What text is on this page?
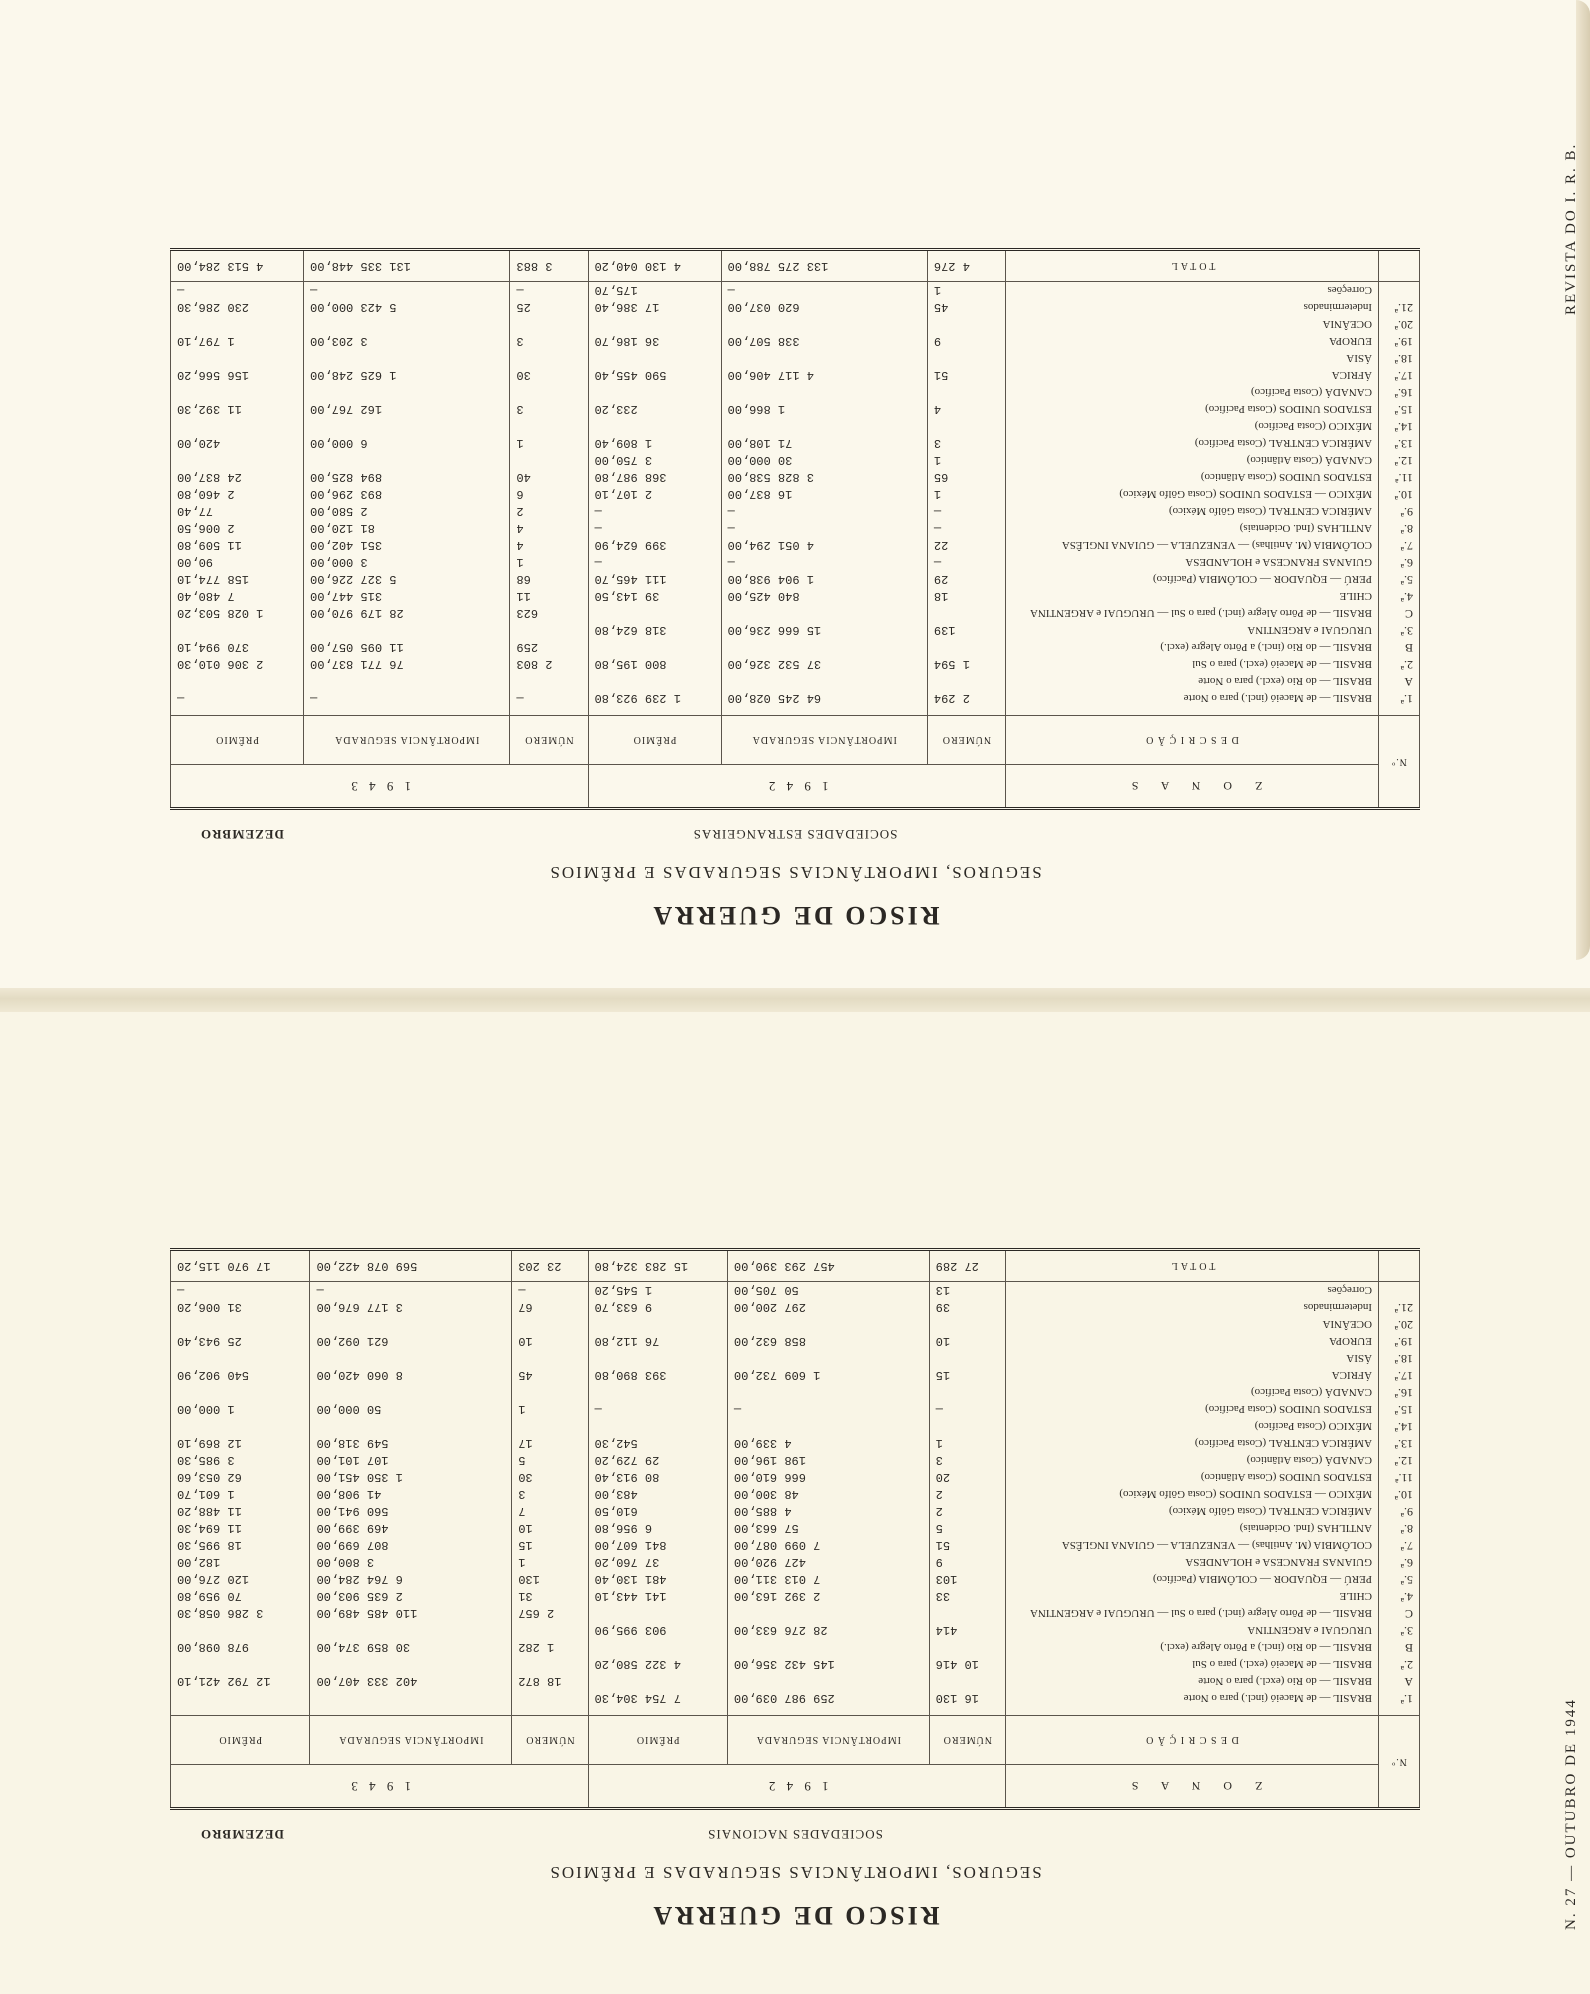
REVISTA DO I. R. B.
N. 27 — OUTUBRO DE 1944
RISCO DE GUERRA
SEGUROS, IMPORTÂNCIAS SEGURADAS E PRÊMIOS
SOCIEDADES ESTRANGEIRAS
DEZEMBRO
N.º	Z O N A S	1 9 4 2			1 9 4 3		
	D E S C R I Ç Ã O	NÚMERO	IMPORTÂNCIA SEGURADA	PRÊMIO	NÚMERO	IMPORTÂNCIA SEGURADA	PRÊMIO
1.ª	BRASIL — de Maceió (incl.) para o Norte	2 294	64 245 028,00	1 239 923,80	—	—	—
A	BRASIL — do Rio (excl.) para o Norte						
2.ª	BRASIL — de Maceió (excl.) para o Sul	1 594	37 532 326,00	800 195,80	2 803	76 771 837,00	2 306 010,30
B	BRASIL — do Rio (incl.) a Pôrto Alegre (excl.)				259	11 095 057,00	370 994,10
3.ª	URUGUAI e ARGENTINA	139	15 666 236,00	318 624,80			
C	BRASIL — de Pôrto Alegre (incl.) para o Sul — URUGUAI e ARGENTINA				623	28 179 970,00	1 028 503,20
4.ª	CHILE	18	840 425,00	39 143,50	11	315 447,00	7 480,40
5.ª	PERÚ — EQUADOR — COLÔMBIA (Pacífico)	29	1 904 938,00	111 465,70	68	5 327 226,00	158 774,10
6.ª	GUIANAS FRANCESA e HOLANDESA	—	—	—	1	3 000,00	90,00
7.ª	COLÔMBIA (M. Antilhas) — VENEZUELA — GUIANA INGLÊSA	22	4 051 294,00	399 624,90	4	351 402,00	11 509,80
8.ª	ANTILHAS (Ind. Ocidentais)	—	—	—	4	81 120,00	2 006,50
9.ª	AMÉRICA CENTRAL (Costa Gôlfo México)	—	—	—	2	2 580,00	77,40
10.ª	MÉXICO — ESTADOS UNIDOS (Costa Gôlfo México)	1	16 837,00	2 107,10	6	893 296,00	2 460,80
11.ª	ESTADOS UNIDOS (Costa Atlântico)	65	3 828 538,00	368 987,80	40	894 825,00	24 837,00
12.ª	CANADÁ (Costa Atlântico)	1	30 000,00	3 750,00			
13.ª	AMÉRICA CENTRAL (Costa Pacífico)	3	71 108,00	1 809,40	1	6 000,00	420,00
14.ª	MÉXICO (Costa Pacífico)						
15.ª	ESTADOS UNIDOS (Costa Pacífico)	4	1 866,00	233,20	3	162 767,00	11 392,30
16.ª	CANADÁ (Costa Pacífico)						
17.ª	ÁFRICA	51	4 117 406,00	590 455,40	30	1 625 248,00	156 566,20
18.ª	ÁSIA						
19.ª	EUROPA	9	338 507,00	36 186,70	3	3 203,00	1 797,10
20.ª	OCEÂNIA						
21.ª	Indeterminados	45	620 037,00	17 386,40	25	5 423 000,00	230 286,30
	Correções	1	—	175,70	—	—	—
	TOTAL	4 276	133 275 788,00	4 130 040,20	3 883	131 335 448,00	4 513 284,00
RISCO DE GUERRA
SEGUROS, IMPORTÂNCIAS SEGURADAS E PRÊMIOS
SOCIEDADES NACIONAIS
DEZEMBRO
N.º	Z O N A S	1 9 4 2			1 9 4 3		
	D E S C R I Ç Ã O	NÚMERO	IMPORTÂNCIA SEGURADA	PRÊMIO	NÚMERO	IMPORTÂNCIA SEGURADA	PRÊMIO
1.ª	BRASIL — de Maceió (incl.) para o Norte	16 130	259 987 039,00	7 754 304,30			
A	BRASIL — do Rio (excl.) para o Norte				18 872	402 333 407,00	12 792 421,10
2.ª	BRASIL — de Maceió (excl.) para o Sul	10 416	145 432 356,00	4 322 580,20			
B	BRASIL — do Rio (incl.) a Pôrto Alegre (excl.)				1 282	30 859 374,00	978 098,00
3.ª	URUGUAI e ARGENTINA	414	28 276 633,00	903 995,90			
C	BRASIL — de Pôrto Alegre (incl.) para o Sul — URUGUAI e ARGENTINA				2 657	110 485 489,00	3 286 058,30
4.ª	CHILE	33	2 392 163,00	141 443,10	31	2 635 903,00	70 959,80
5.ª	PERÚ — EQUADOR — COLÔMBIA (Pacífico)	103	7 013 311,00	481 130,40	130	6 764 284,00	120 276,00
6.ª	GUIANAS FRANCESA e HOLANDESA	9	427 920,00	37 760,20	1	3 800,00	182,00
7.ª	COLÔMBIA (M. Antilhas) — VENEZUELA — GUIANA INGLÊSA	51	7 099 087,00	841 607,00	15	807 699,00	18 995,30
8.ª	ANTILHAS (Ind. Ocidentais)	5	57 663,00	6 956,80	10	469 399,00	11 694,30
9.ª	AMÉRICA CENTRAL (Costa Gôlfo México)	2	4 885,00	610,50	7	560 941,00	11 488,20
10.ª	MÉXICO — ESTADOS UNIDOS (Costa Gôlfo México)	2	48 300,00	483,00	3	41 908,00	1 601,70
11.ª	ESTADOS UNIDOS (Costa Atlântico)	20	666 610,00	80 913,40	30	1 350 451,00	62 053,60
12.ª	CANADÁ (Costa Atlântico)	3	198 196,00	29 729,20	5	107 101,00	3 985,30
13.ª	AMÉRICA CENTRAL (Costa Pacífico)	1	4 339,00	542,30	17	549 318,00	12 869,10
14.ª	MÉXICO (Costa Pacífico)						
15.ª	ESTADOS UNIDOS (Costa Pacífico)	—	—	—	1	50 000,00	1 000,00
16.ª	CANADÁ (Costa Pacífico)						
17.ª	ÁFRICA	15	1 609 732,00	393 890,80	45	8 060 420,00	540 902,90
18.ª	ÁSIA						
19.ª	EUROPA	10	858 632,00	76 112,80	10	621 092,00	25 943,40
20.ª	OCEÂNIA						
21.ª	Indeterminados	39	297 200,00	9 633,70	67	3 177 676,00	31 006,20
	Correções	13	50 705,00	1 545,20	—	—	—
	TOTAL	27 289	457 293 390,00	15 283 324,80	23 203	569 078 422,00	17 970 115,20
